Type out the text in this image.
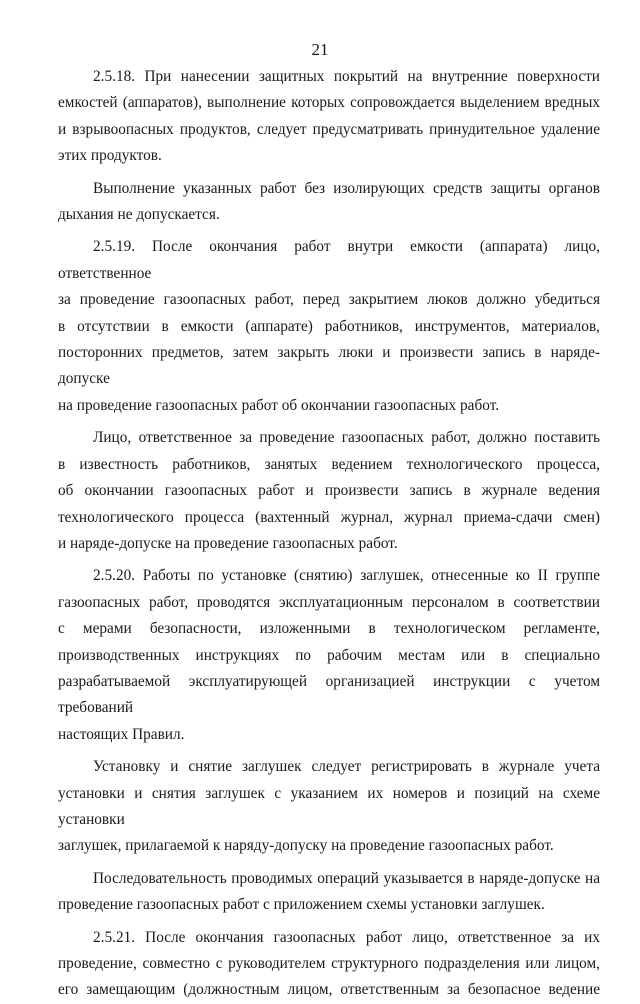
21
2.5.18. При нанесении защитных покрытий на внутренние поверхности
емкостей (аппаратов), выполнение которых сопровождается выделением вредных
и взрывоопасных продуктов, следует предусматривать принудительное удаление
этих продуктов.
Выполнение указанных работ без изолирующих средств защиты органов
дыхания не допускается.
2.5.19. После окончания работ внутри емкости (аппарата) лицо, ответственное
за проведение газоопасных работ, перед закрытием люков должно убедиться
в отсутствии в емкости (аппарате) работников, инструментов, материалов,
посторонних предметов, затем закрыть люки и произвести запись в наряде-допуске
на проведение газоопасных работ об окончании газоопасных работ.
Лицо, ответственное за проведение газоопасных работ, должно поставить
в известность работников, занятых ведением технологического процесса,
об окончании газоопасных работ и произвести запись в журнале ведения
технологического процесса (вахтенный журнал, журнал приема-сдачи смен)
и наряде-допуске на проведение газоопасных работ.
2.5.20. Работы по установке (снятию) заглушек, отнесенные ко II группе
газоопасных работ, проводятся эксплуатационным персоналом в соответствии
с мерами безопасности, изложенными в технологическом регламенте,
производственных инструкциях по рабочим местам или в специально
разрабатываемой эксплуатирующей организацией инструкции с учетом требований
настоящих Правил.
Установку и снятие заглушек следует регистрировать в журнале учета
установки и снятия заглушек с указанием их номеров и позиций на схеме установки
заглушек, прилагаемой к наряду-допуску на проведение газоопасных работ.
Последовательность проводимых операций указывается в наряде-допуске на
проведение газоопасных работ с приложением схемы установки заглушек.
2.5.21. После окончания газоопасных работ лицо, ответственное за их
проведение, совместно с руководителем структурного подразделения или лицом,
его замещающим (должностным лицом, ответственным за безопасное ведение
